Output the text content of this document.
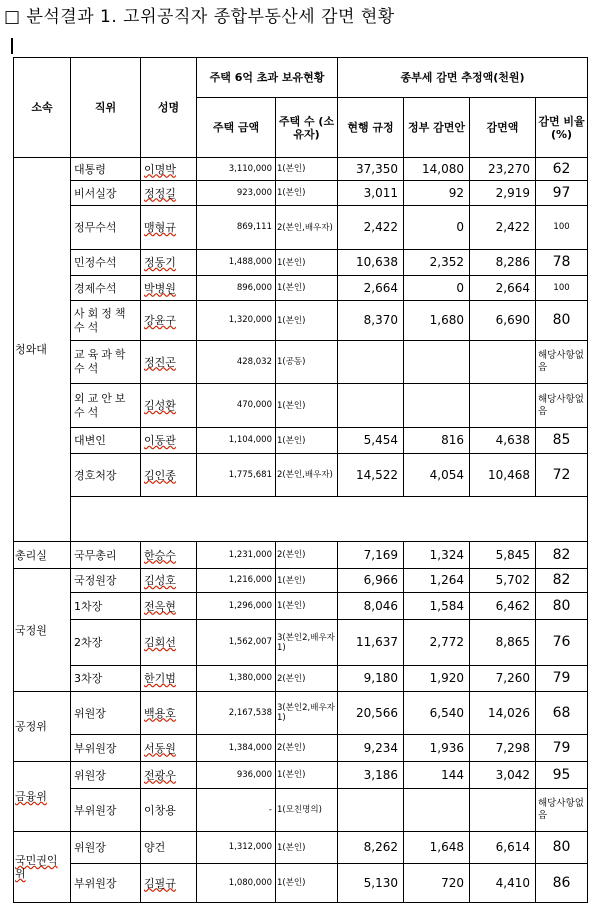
□ 분석결과 1. 고위공직자 종합부동산세 감면 현황
소속	직위	성명	주택 6억 초과 보유현황		종부세 감면 추정액(천원)			
			주택 금액	주택 수 (소유자)	현행 규정	정부 감면안	감면액	감면 비율 (%)
청와대	대통령	이명박	3,110,000	1(본인)	37,350	14,080	23,270	62
	비서실장	정정길	923,000	1(본인)	3,011	92	2,919	97
	정무수석	맹형규	869,111	2(본인,배우자)	2,422	0	2,422	100
	민정수석	정동기	1,488,000	1(본인)	10,638	2,352	8,286	78
	경제수석	박병원	896,000	1(본인)	2,664	0	2,664	100
	사회정책수석	강윤구	1,320,000	1(본인)	8,370	1,680	6,690	80
	교육과학수석	정진곤	428,032	1(공동)				해당사항없음
	외교안보수석	김성환	470,000	1(본인)				해당사항없음
	대변인	이동관	1,104,000	1(본인)	5,454	816	4,638	85
	경호처장	김인종	1,775,681	2(본인,배우자)	14,522	4,054	10,468	72

총리실	국무총리	한승수	1,231,000	2(본인)	7,169	1,324	5,845	82
국정원	국정원장	김성호	1,216,000	1(본인)	6,966	1,264	5,702	82
	1차장	전옥현	1,296,000	1(본인)	8,046	1,584	6,462	80
	2차장	김회선	1,562,007	3(본인2,배우자1)	11,637	2,772	8,865	76
	3차장	한기범	1,380,000	2(본인)	9,180	1,920	7,260	79
공정위	위원장	백용호	2,167,538	3(본인2,배우자1)	20,566	6,540	14,026	68
	부위원장	서동원	1,384,000	2(본인)	9,234	1,936	7,298	79
금융위	위원장	전광우	936,000	1(본인)	3,186	144	3,042	95
	부위원장	이창용	-	1(모친명의)				해당사항없음
국민권익위	위원장	양건	1,312,000	1(본인)	8,262	1,648	6,614	80
	부위원장	김필규	1,080,000	1(본인)	5,130	720	4,410	86
